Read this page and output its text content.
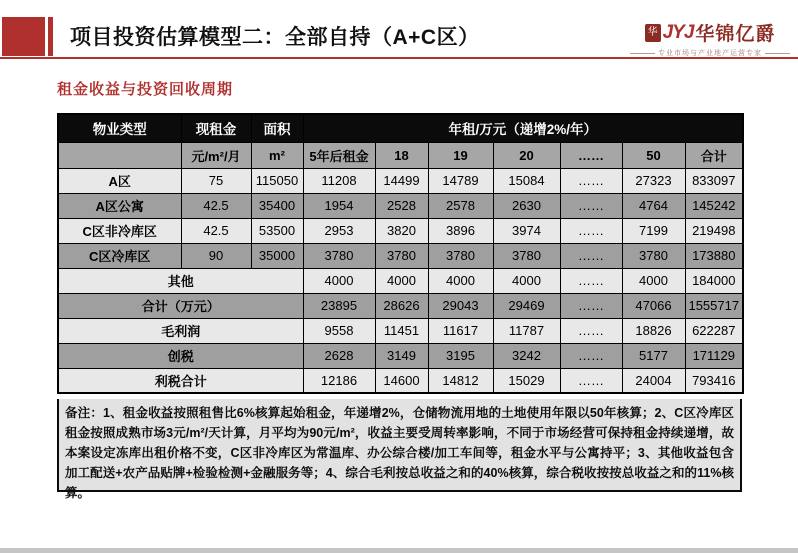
项目投资估算模型二：全部自持（A+C区）	华 JYJ 华锦亿爵
专业市场与产业地产运营专家
租金收益与投资回收周期
物业类型	现租金	面积	年租/万元（递增2%/年）						
	元/m²/月	m²	5年后租金	18	19	20	……	50	合计
A区	75	115050	11208	14499	14789	15084	……	27323	833097
A区公寓	42.5	35400	1954	2528	2578	2630	……	4764	145242
C区非冷库区	42.5	53500	2953	3820	3896	3974	……	7199	219498
C区冷库区	90	35000	3780	3780	3780	3780	……	3780	173880
其他			4000	4000	4000	4000	……	4000	184000
合计（万元）			23895	28626	29043	29469	……	47066	1555717
毛利润			9558	11451	11617	11787	……	18826	622287
创税			2628	3149	3195	3242	……	5177	171129
利税合计			12186	14600	14812	15029	……	24004	793416
备注：1、租金收益按照租售比6%核算起始租金，年递增2%，仓储物流用地的土地使用年限以50年核算；2、C区冷库区租金按照成熟市场3元/m²/天计算，月平均为90元/m²，收益主要受周转率影响，不同于市场经营可保持租金持续递增，故本案设定冻库出租价格不变，C区非冷库区为常温库、办公综合楼/加工车间等，租金水平与公寓持平；3、其他收益包含加工配送+农产品贴牌+检验检测+金融服务等；4、综合毛利按总收益之和的40%核算，综合税收按按总收益之和的11%核算。
